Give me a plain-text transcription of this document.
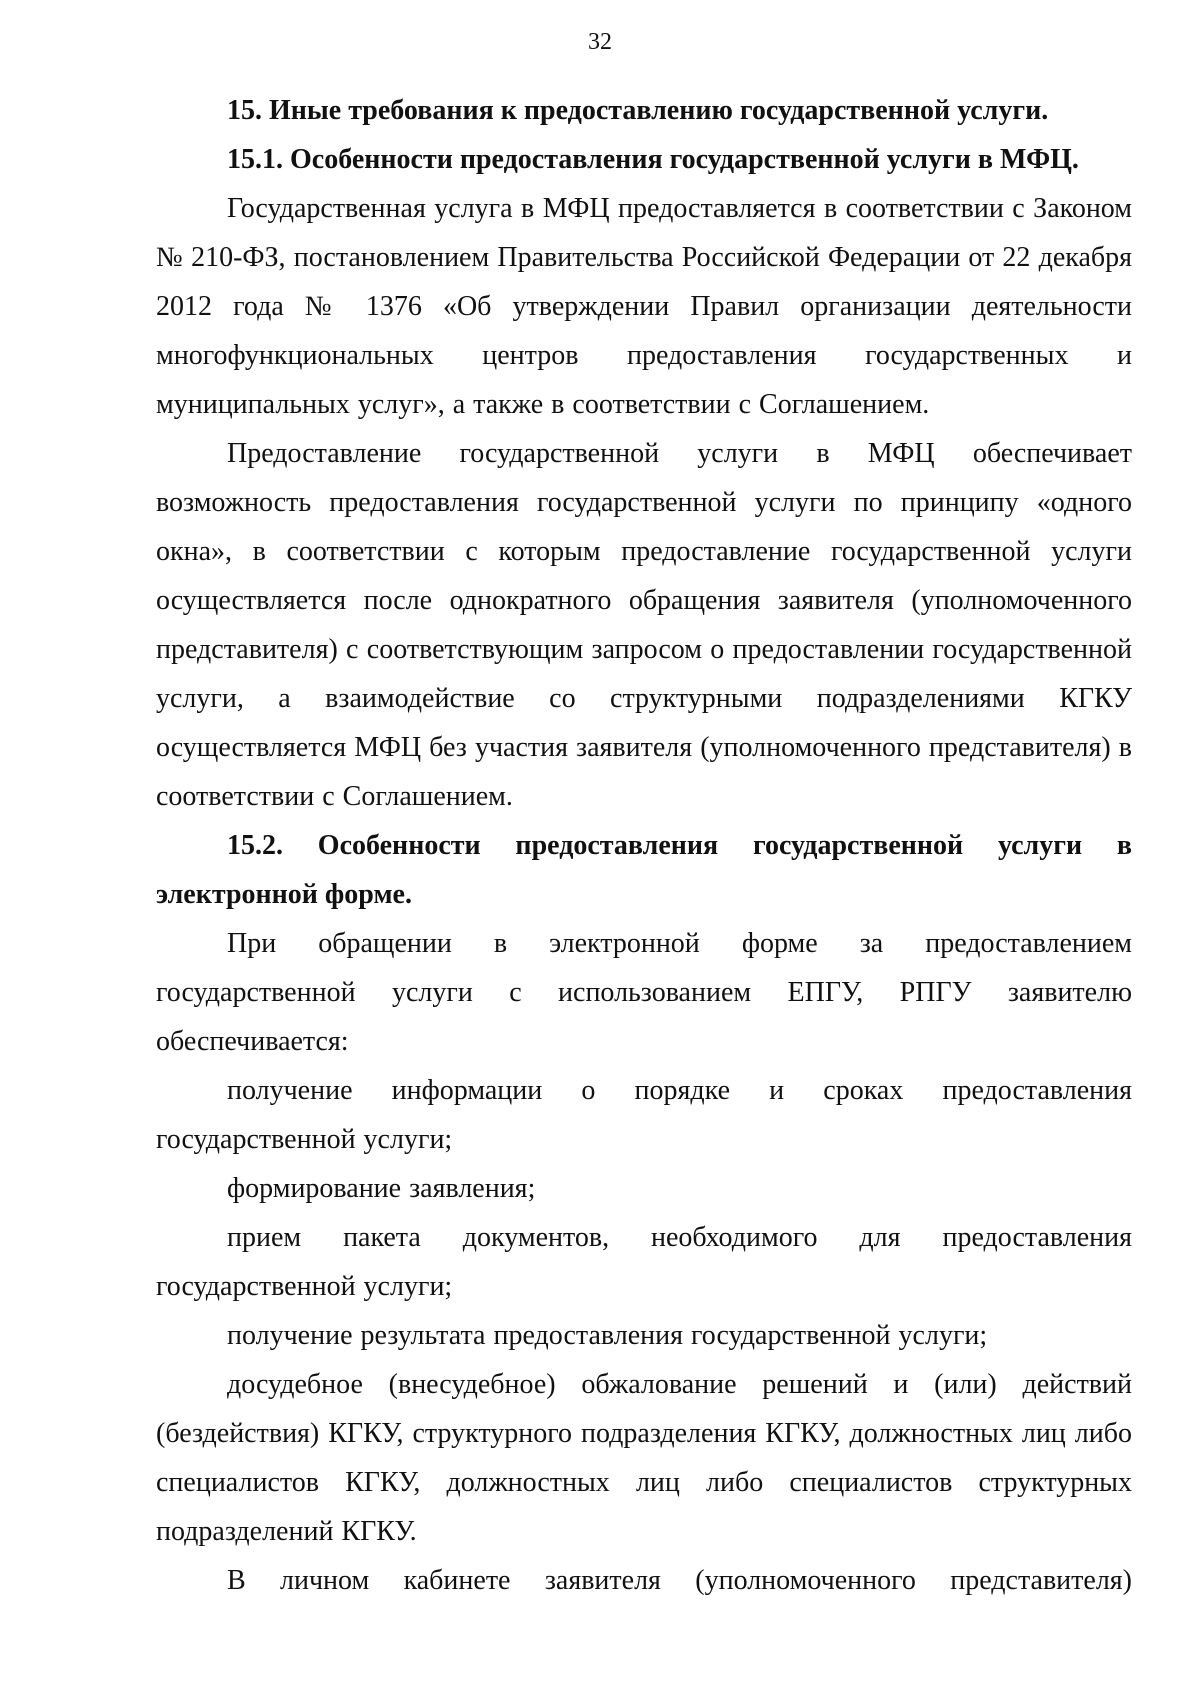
32

15. Иные требования к предоставлению государственной услуги.

15.1. Особенности предоставления государственной услуги в МФЦ.

Государственная услуга в МФЦ предоставляется в соответствии с Законом № 210-ФЗ, постановлением Правительства Российской Федерации от 22 декабря 2012 года № 1376 «Об утверждении Правил организации деятельности многофункциональных центров предоставления государственных и муниципальных услуг», а также в соответствии с Соглашением.

Предоставление государственной услуги в МФЦ обеспечивает возможность предоставления государственной услуги по принципу «одного окна», в соответствии с которым предоставление государственной услуги осуществляется после однократного обращения заявителя (уполномоченного представителя) с соответствующим запросом о предоставлении государственной услуги, а взаимодействие со структурными подразделениями КГКУ осуществляется МФЦ без участия заявителя (уполномоченного представителя) в соответствии с Соглашением.

15.2. Особенности предоставления государственной услуги в электронной форме.

При обращении в электронной форме за предоставлением государственной услуги с использованием ЕПГУ, РПГУ заявителю обеспечивается:

получение информации о порядке и сроках предоставления государственной услуги;

формирование заявления;

прием пакета документов, необходимого для предоставления государственной услуги;

получение результата предоставления государственной услуги;

досудебное (внесудебное) обжалование решений и (или) действий (бездействия) КГКУ, структурного подразделения КГКУ, должностных лиц либо специалистов КГКУ, должностных лиц либо специалистов структурных подразделений КГКУ.

В личном кабинете заявителя (уполномоченного представителя)
